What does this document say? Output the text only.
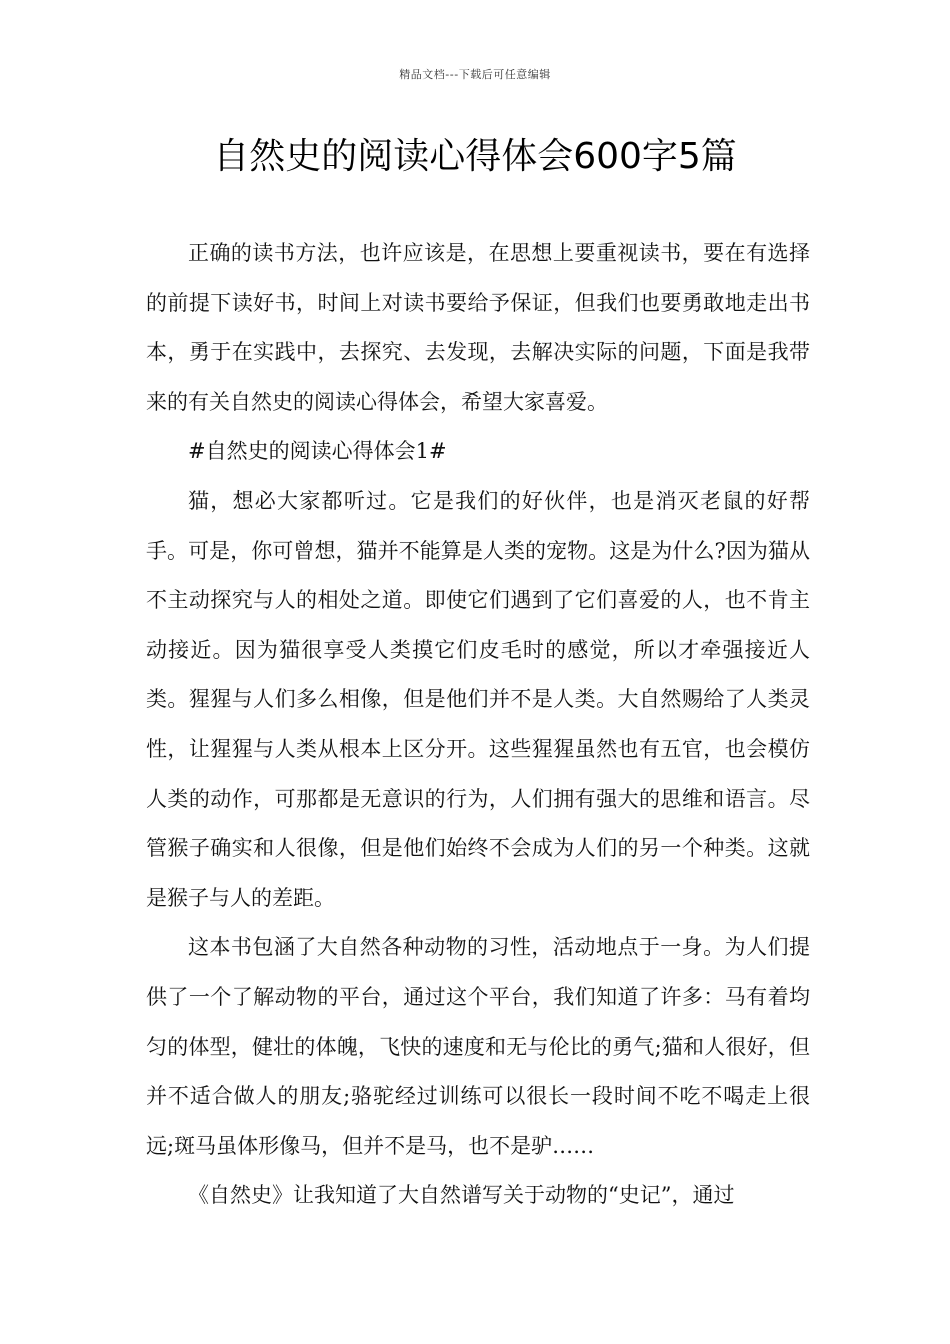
精品文档---下载后可任意编辑
自然史的阅读心得体会600字5篇

正确的读书方法，也许应该是，在思想上要重视读书，要在有选择的前提下读好书，时间上对读书要给予保证，但我们也要勇敢地走出书本，勇于在实践中，去探究、去发现，去解决实际的问题，下面是我带来的有关自然史的阅读心得体会，希望大家喜爱。

#自然史的阅读心得体会1#

猫，想必大家都听过。它是我们的好伙伴，也是消灭老鼠的好帮手。可是，你可曾想，猫并不能算是人类的宠物。这是为什么?因为猫从不主动探究与人的相处之道。即使它们遇到了它们喜爱的人，也不肯主动接近。因为猫很享受人类摸它们皮毛时的感觉，所以才牵强接近人类。猩猩与人们多么相像，但是他们并不是人类。大自然赐给了人类灵性，让猩猩与人类从根本上区分开。这些猩猩虽然也有五官，也会模仿人类的动作，可那都是无意识的行为，人们拥有强大的思维和语言。尽管猴子确实和人很像，但是他们始终不会成为人们的另一个种类。这就是猴子与人的差距。

这本书包涵了大自然各种动物的习性，活动地点于一身。为人们提供了一个了解动物的平台，通过这个平台，我们知道了许多：马有着均匀的体型，健壮的体魄，飞快的速度和无与伦比的勇气;猫和人很好，但并不适合做人的朋友;骆驼经过训练可以很长一段时间不吃不喝走上很远;斑马虽体形像马，但并不是马，也不是驴……

《自然史》让我知道了大自然谱写关于动物的“史记”，通过
